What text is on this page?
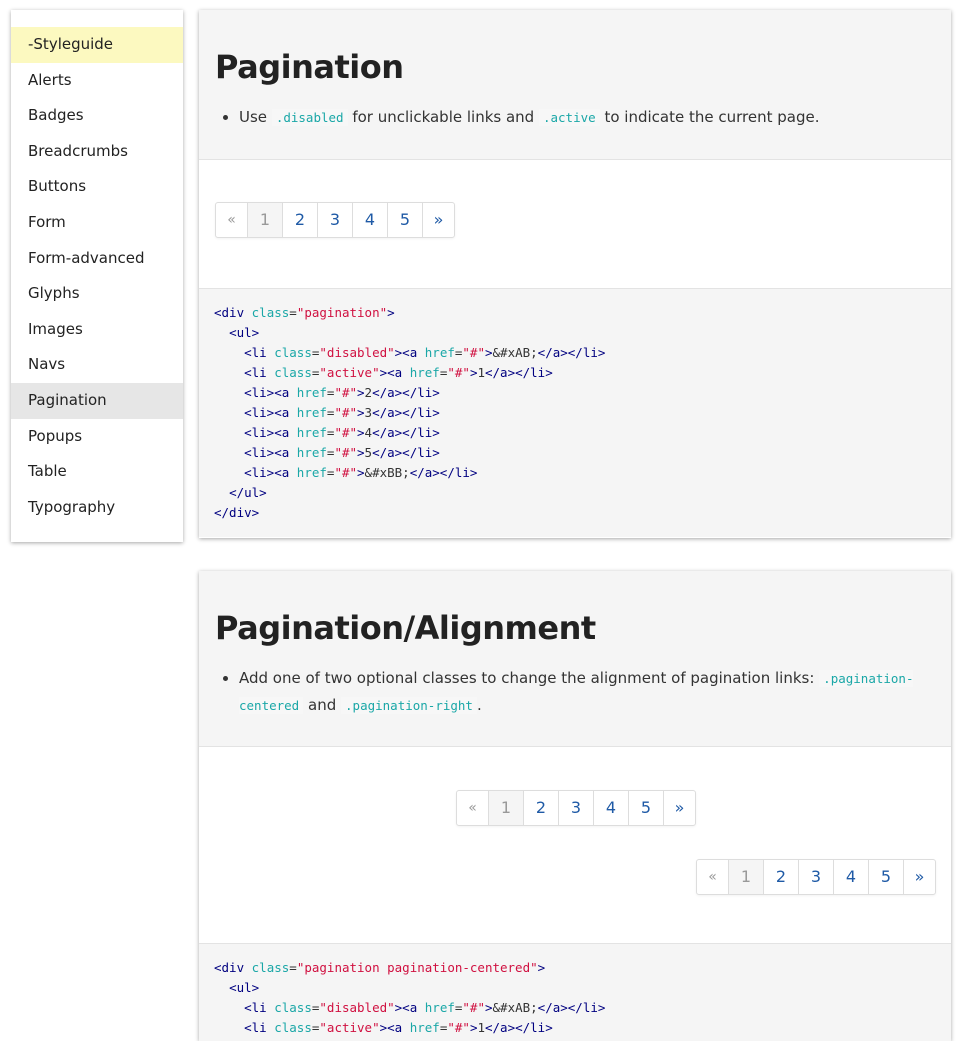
-Styleguide
Alerts
Badges
Breadcrumbs
Buttons
Form
Form-advanced
Glyphs
Images
Navs
Pagination
Popups
Table
Typography
Pagination
• Use .disabled for unclickable links and .active to indicate the current page.
«	1	2	3	4	5	»
<div class="pagination">
<ul>
<li class="disabled"><a href="#">&#xAB;</a></li>
<li class="active"><a href="#">1</a></li>
<li><a href="#">2</a></li>
<li><a href="#">3</a></li>
<li><a href="#">4</a></li>
<li><a href="#">5</a></li>
<li><a href="#">&#xBB;</a></li>
</ul>
</div>
Pagination/Alignment
• Add one of two optional classes to change the alignment of pagination links: .pagination-centered and .pagination-right .
«	1	2	3	4	5	»
«	1	2	3	4	5	»
<div class="pagination pagination-centered">
<ul>
<li class="disabled"><a href="#">&#xAB;</a></li>
<li class="active"><a href="#">1</a></li>
